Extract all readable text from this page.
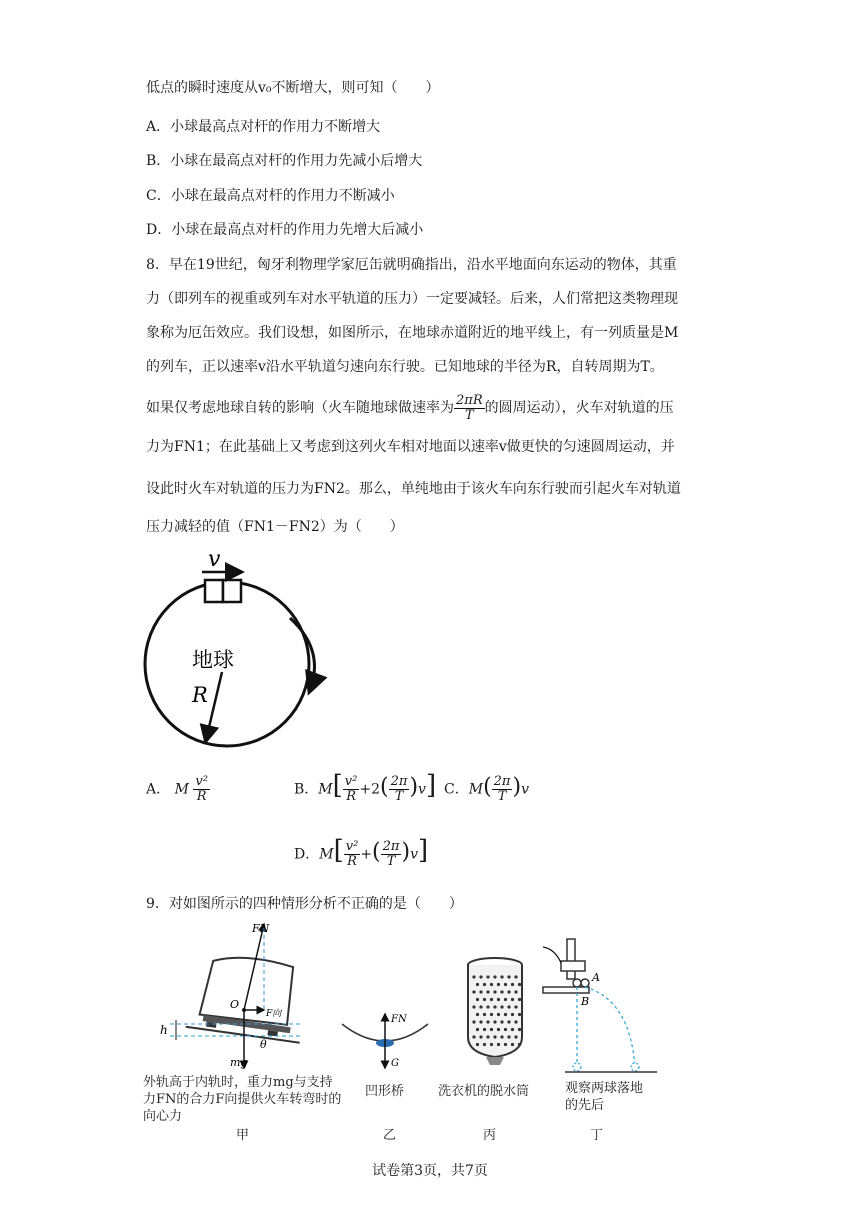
低点的瞬时速度从v₀不断增大，则可知（　　）
A．小球最高点对杆的作用力不断增大
B．小球在最高点对杆的作用力先减小后增大
C．小球在最高点对杆的作用力不断减小
D．小球在最高点对杆的作用力先增大后减小
8．早在19世纪，匈牙利物理学家厄缶就明确指出，沿水平地面向东运动的物体，其重
力（即列车的视重或列车对水平轨道的压力）一定要减轻。后来，人们常把这类物理现
象称为厄缶效应。我们设想，如图所示，在地球赤道附近的地平线上，有一列质量是M
的列车，正以速率v沿水平轨道匀速向东行驶。已知地球的半径为R，自转周期为T。
如果仅考虑地球自转的影响（火车随地球做速率为 $\frac{2\pi R}{T}$ 的圆周运动），火车对轨道的压
力为FN1；在此基础上又考虑到这列火车相对地面以速率v做更快的匀速圆周运动，并
设此时火车对轨道的压力为FN2。那么，单纯地由于该火车向东行驶而引起火车对轨道
压力减轻的值（FN1－FN2）为（　　）
v
地球
R
A． M $\frac{\text{v²}}{R}$	B．$M[ \frac{\text{v²}}{R} +2( \frac{2\pi}{T} )v]$ C．$M( \frac{2\pi}{T} )v$
D．$M[ \frac{\text{v²}}{R}$ +( $\frac{2\pi}{T} )v$]
9．对如图所示的四种情形分析不正确的是（　　）
FN
O
F向
h
θ
mg
外轨高于内轨时，重力mg与支持力FN的合力F向提供火车转弯时的向心力
甲
FN
G
凹形桥
乙
洗衣机的脱水筒
丙
A
B
观察两球落地的先后
丁
试卷第3页，共7页
